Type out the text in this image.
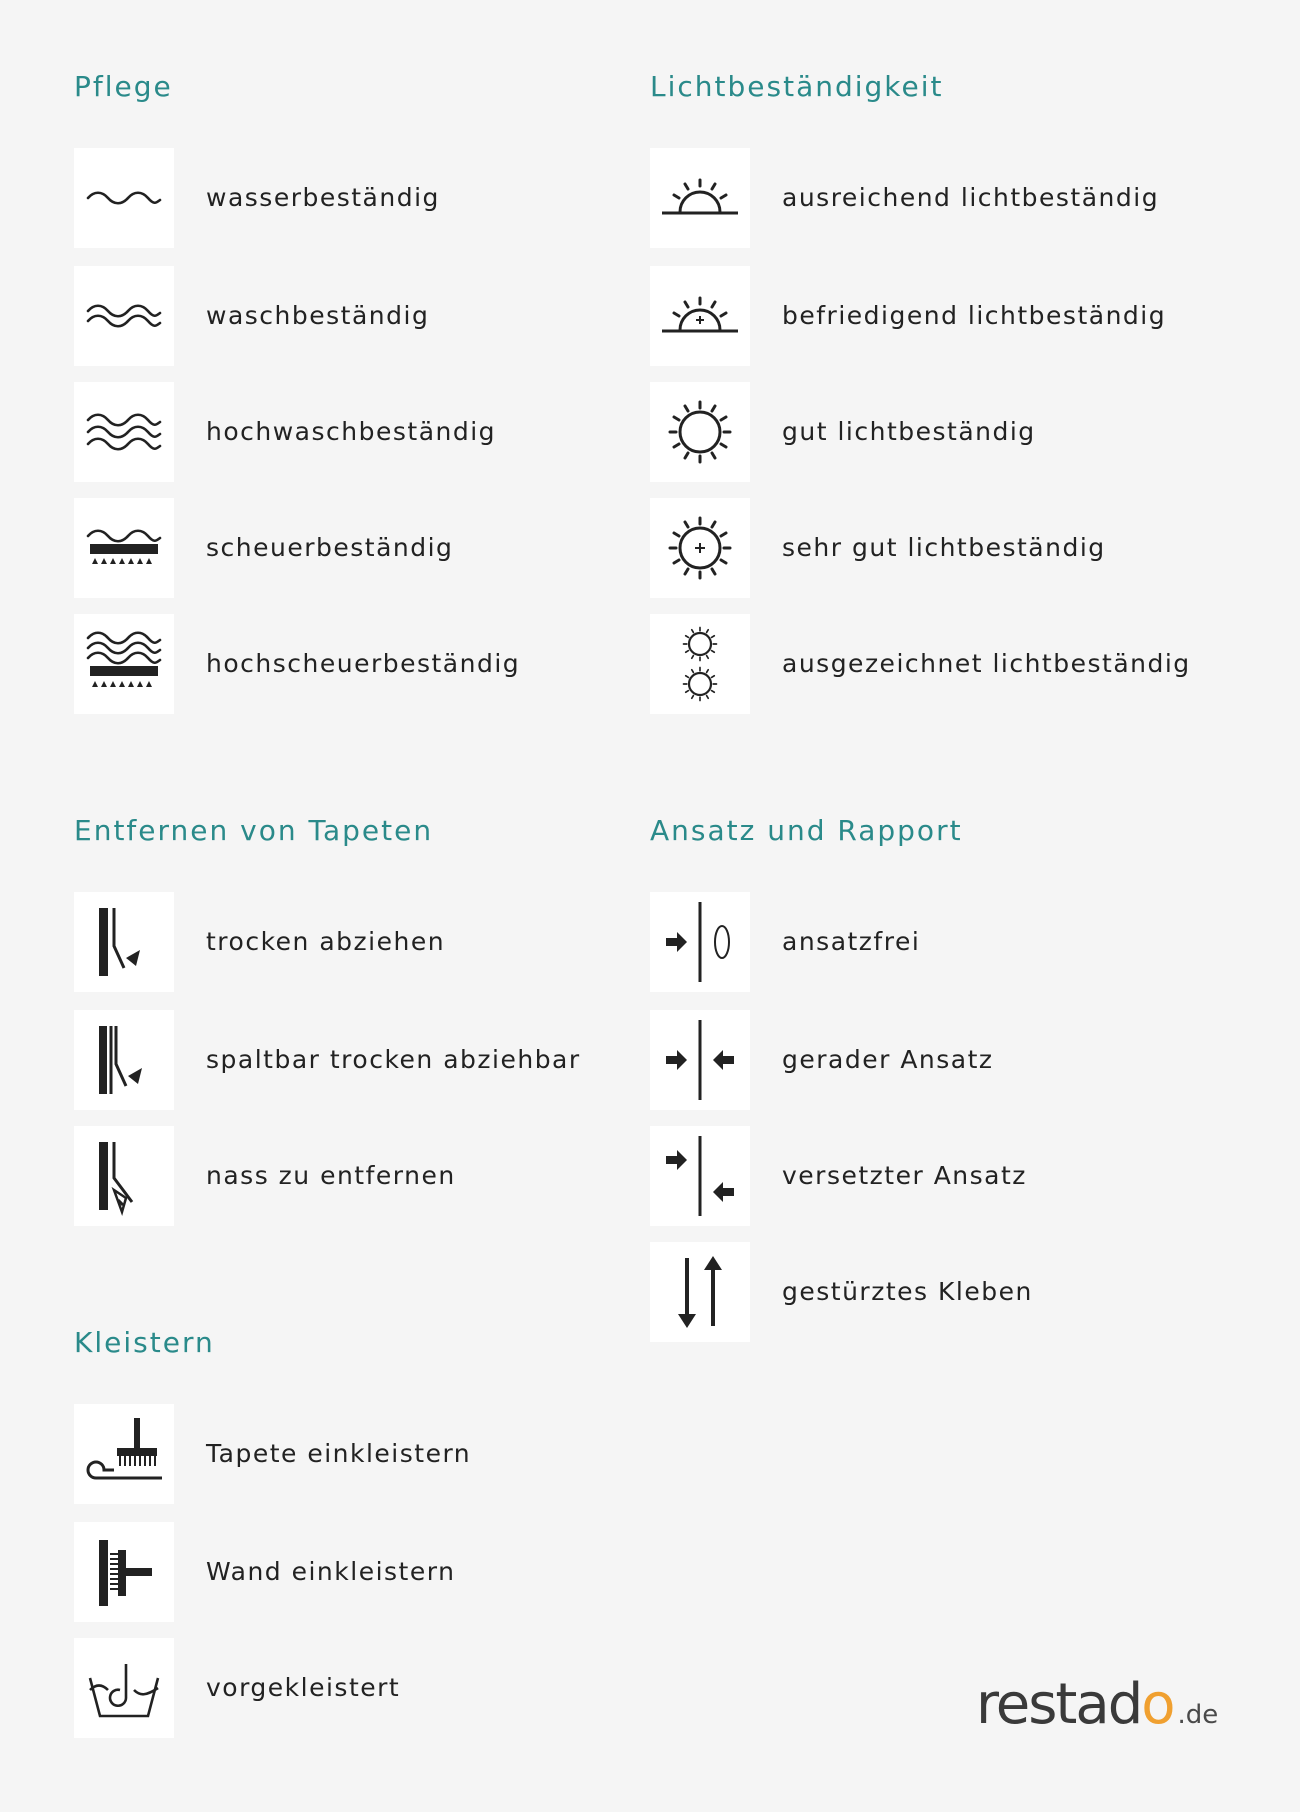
Pflege
wasserbeständig
waschbeständig
hochwaschbeständig
scheuerbeständig
hochscheuerbeständig
Lichtbeständigkeit
ausreichend lichtbeständig
befriedigend lichtbeständig
gut lichtbeständig
sehr gut lichtbeständig
ausgezeichnet lichtbeständig
Entfernen von Tapeten
trocken abziehen
spaltbar trocken abziehbar
nass zu entfernen
Ansatz und Rapport
ansatzfrei
gerader Ansatz
versetzter Ansatz
gestürztes Kleben
Kleistern
Tapete einkleistern
Wand einkleistern
vorgekleistert	restado .de
